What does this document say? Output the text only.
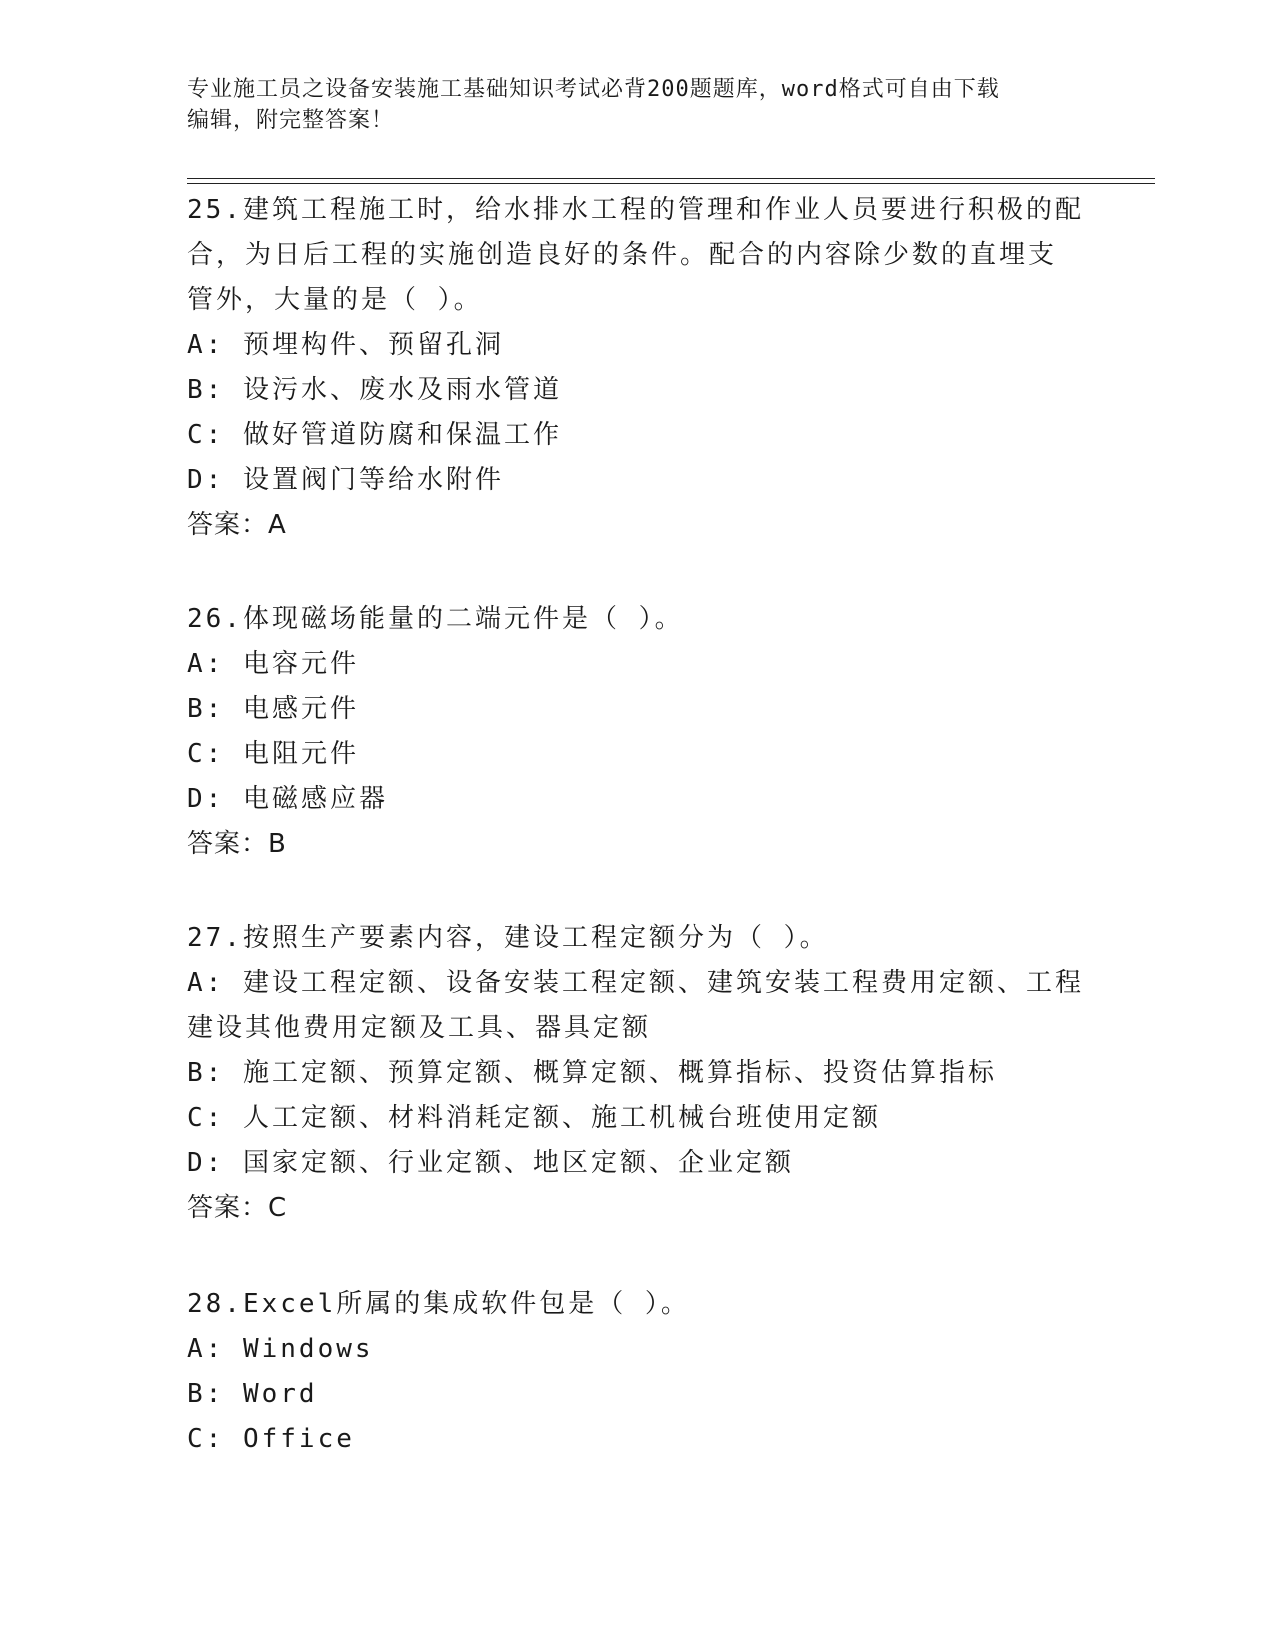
专业施工员之设备安装施工基础知识考试必背200题题库，word格式可自由下载
编辑，附完整答案！
25.建筑工程施工时，给水排水工程的管理和作业人员要进行积极的配
合，为日后工程的实施创造良好的条件。配合的内容除少数的直埋支
管外，大量的是（ ）。
A: 预埋构件、预留孔洞
B: 设污水、废水及雨水管道
C: 做好管道防腐和保温工作
D: 设置阀门等给水附件
答案：A
26.体现磁场能量的二端元件是（ ）。
A: 电容元件
B: 电感元件
C: 电阻元件
D: 电磁感应器
答案：B
27.按照生产要素内容，建设工程定额分为（ ）。
A: 建设工程定额、设备安装工程定额、建筑安装工程费用定额、工程
建设其他费用定额及工具、器具定额
B: 施工定额、预算定额、概算定额、概算指标、投资估算指标
C: 人工定额、材料消耗定额、施工机械台班使用定额
D: 国家定额、行业定额、地区定额、企业定额
答案：C
28.Excel所属的集成软件包是（ ）。
A: Windows
B: Word
C: Office
